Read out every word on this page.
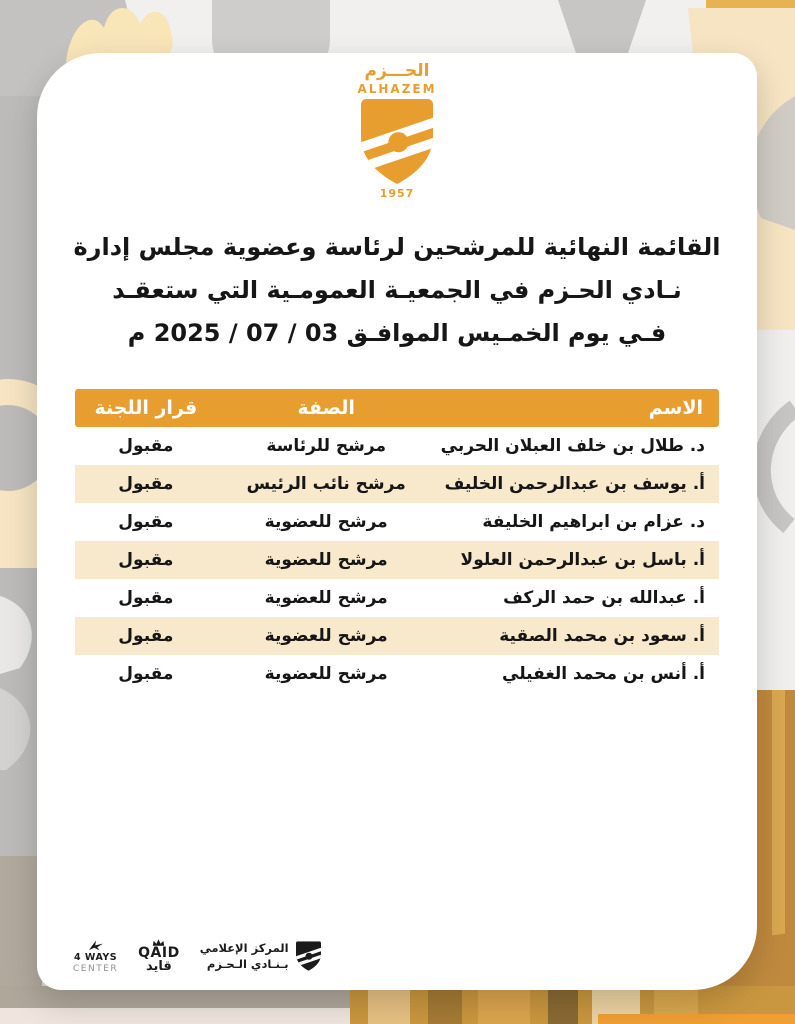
الحـــزم
ALHAZEM
1957
القائمة النهائية للمرشحين لرئاسة وعضوية مجلس إدارة
نـادي الحـزم في الجمعيـة العمومـية التي ستعقـد
فـي يوم الخمـيس الموافـق 03 / 07 / 2025 م
الاسم	الصفة	قرار اللجنة
د. طلال بن خلف العبلان الحربي	مرشح للرئاسة	مقبول
أ. يوسف بن عبدالرحمن الخليف	مرشح نائب الرئيس	مقبول
د. عزام بن ابراهيم الخليفة	مرشح للعضوية	مقبول
أ. باسل بن عبدالرحمن العلولا	مرشح للعضوية	مقبول
أ. عبدالله بن حمد الركف	مرشح للعضوية	مقبول
أ. سعود بن محمد الصقية	مرشح للعضوية	مقبول
أ. أنس بن محمد الغفيلي	مرشح للعضوية	مقبول
4 WAYS
CENTER
QAID
قايد
المركز الإعلامي
بـنـادي الـحـزم
